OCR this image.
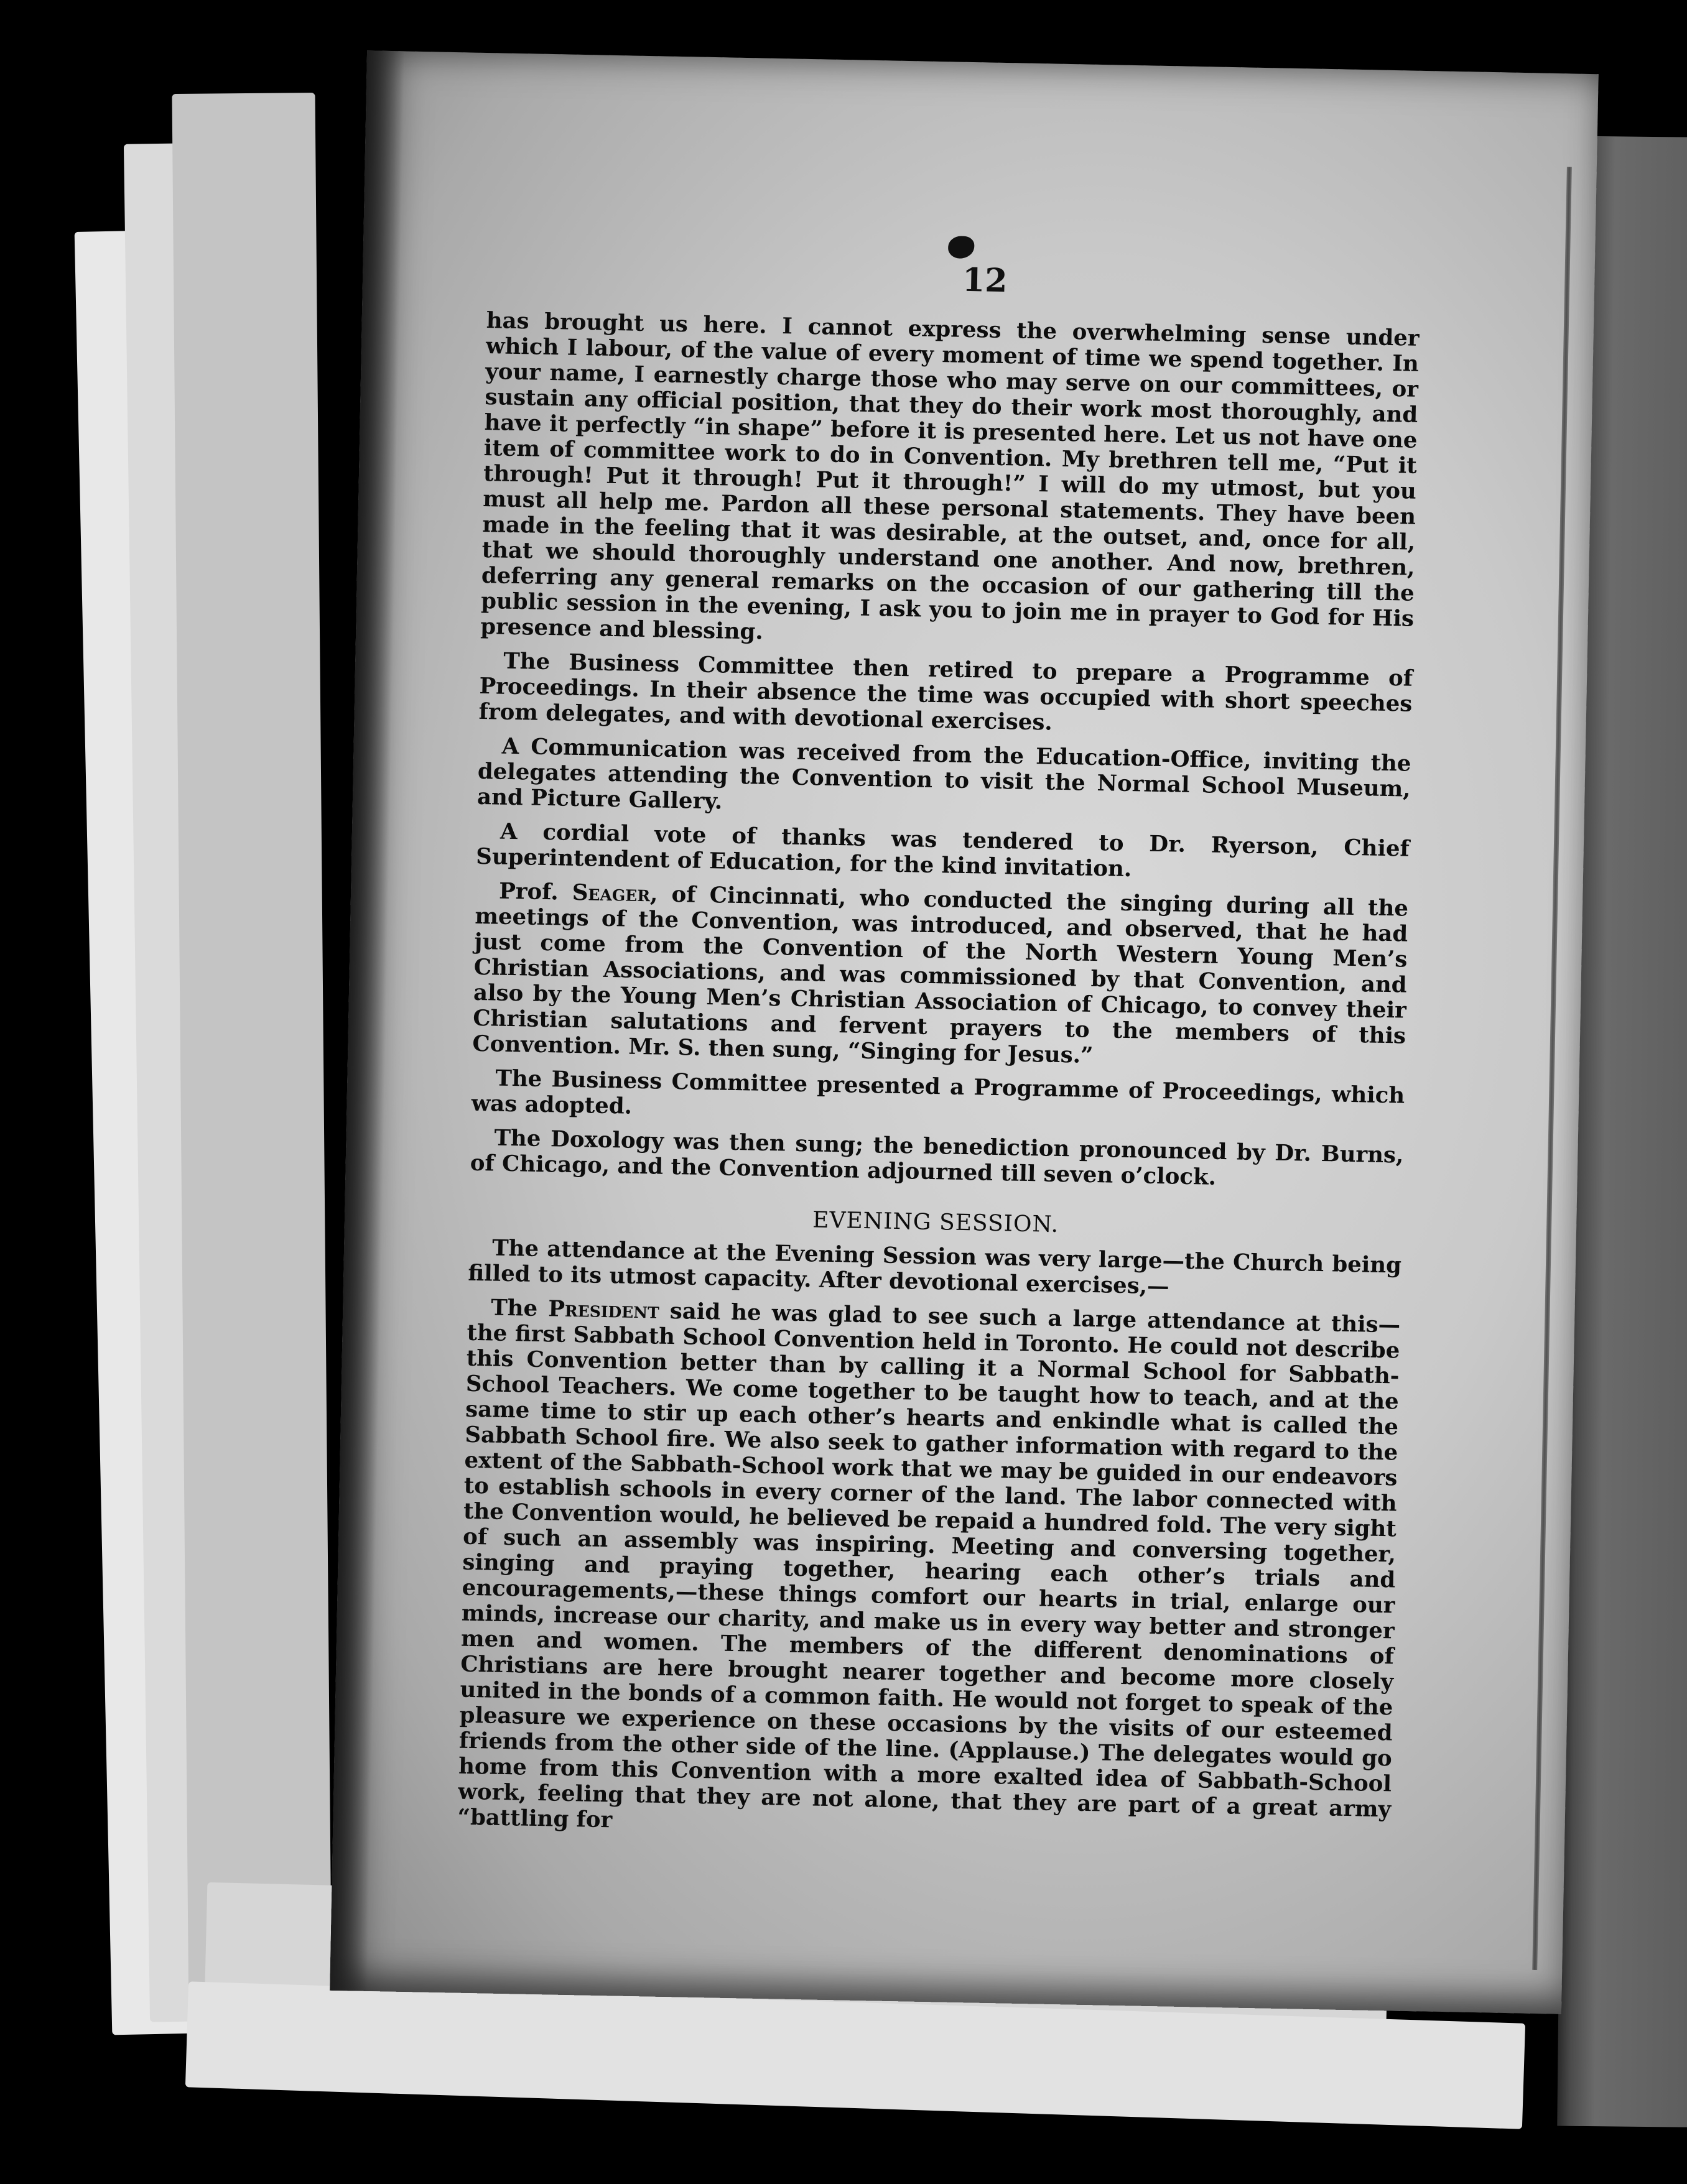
12

has brought us here. I cannot express the overwhelming sense under which I labour, of the value of every moment of time we spend together. In your name, I earnestly charge those who may serve on our committees, or sustain any official position, that they do their work most thoroughly, and have it perfectly “in shape” before it is presented here. Let us not have one item of committee work to do in Convention. My brethren tell me, “Put it through! Put it through! Put it through!” I will do my utmost, but you must all help me. Pardon all these personal statements. They have been made in the feeling that it was desirable, at the outset, and, once for all, that we should thoroughly understand one another. And now, brethren, deferring any general remarks on the occasion of our gathering till the public session in the evening, I ask you to join me in prayer to God for His presence and blessing.

The Business Committee then retired to prepare a Programme of Proceedings. In their absence the time was occupied with short speeches from delegates, and with devotional exercises.

A Communication was received from the Education-Office, inviting the delegates attending the Convention to visit the Normal School Museum, and Picture Gallery.

A cordial vote of thanks was tendered to Dr. Ryerson, Chief Superintendent of Education, for the kind invitation.

Prof. Seager, of Cincinnati, who conducted the singing during all the meetings of the Convention, was introduced, and observed, that he had just come from the Convention of the North Western Young Men’s Christian Associations, and was commissioned by that Convention, and also by the Young Men’s Christian Association of Chicago, to convey their Christian salutations and fervent prayers to the members of this Convention. Mr. S. then sung, “Singing for Jesus.”

The Business Committee presented a Programme of Proceedings, which was adopted.

The Doxology was then sung; the benediction pronounced by Dr. Burns, of Chicago, and the Convention adjourned till seven o’clock.

EVENING SESSION.

The attendance at the Evening Session was very large—the Church being filled to its utmost capacity. After devotional exercises,—

The President said he was glad to see such a large attendance at this—the first Sabbath School Convention held in Toronto. He could not describe this Convention better than by calling it a Normal School for Sabbath-School Teachers. We come together to be taught how to teach, and at the same time to stir up each other’s hearts and enkindle what is called the Sabbath School fire. We also seek to gather information with regard to the extent of the Sabbath-School work that we may be guided in our endeavors to establish schools in every corner of the land. The labor connected with the Convention would, he believed be repaid a hundred fold. The very sight of such an assembly was inspiring. Meeting and conversing together, singing and praying together, hearing each other’s trials and encouragements,—these things comfort our hearts in trial, enlarge our minds, increase our charity, and make us in every way better and stronger men and women. The members of the different denominations of Christians are here brought nearer together and become more closely united in the bonds of a common faith. He would not forget to speak of the pleasure we experience on these occasions by the visits of our esteemed friends from the other side of the line. (Applause.) The delegates would go home from this Convention with a more exalted idea of Sabbath-School work, feeling that they are not alone, that they are part of a great army “battling for
